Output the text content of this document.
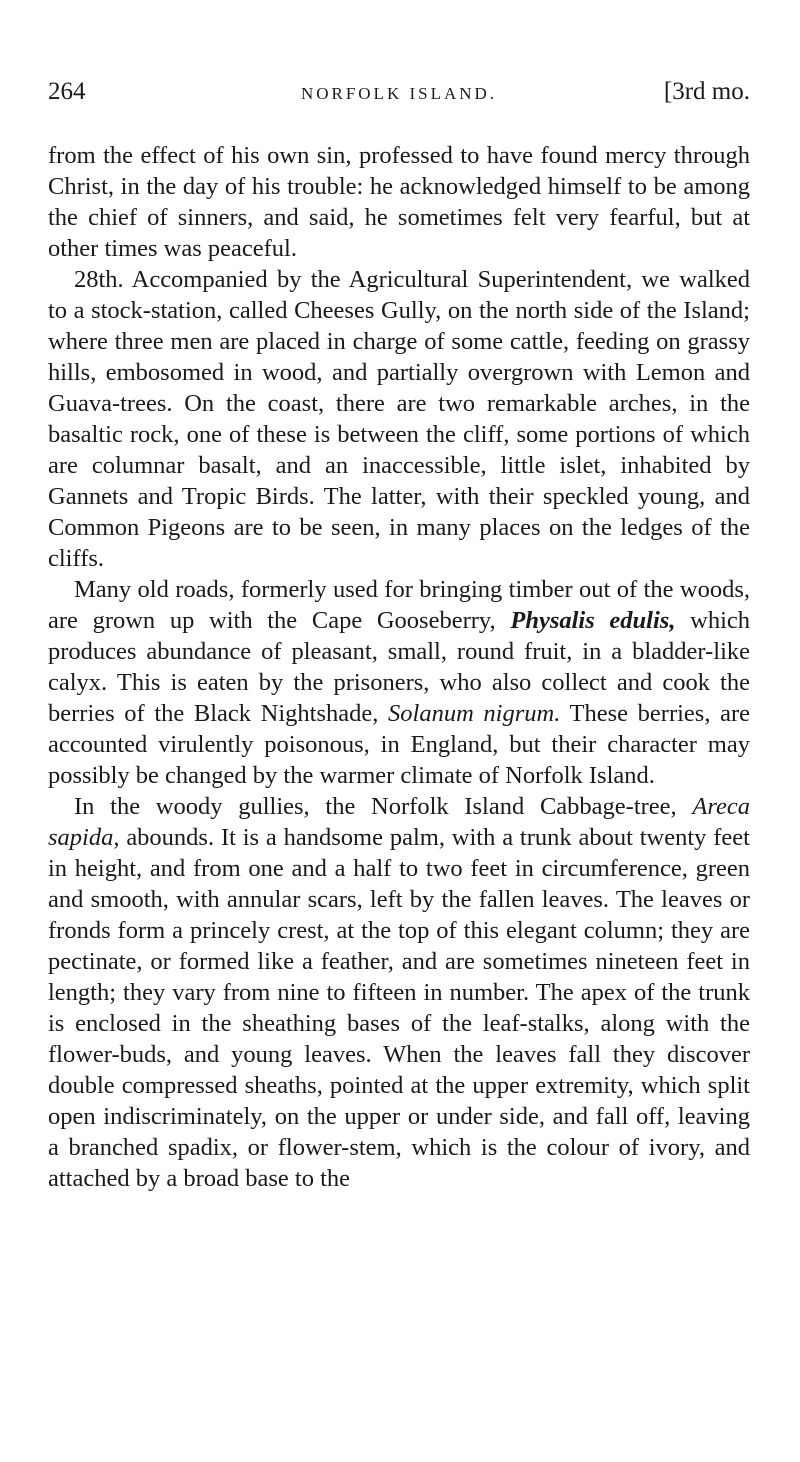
264	NORFOLK ISLAND.	[3rd mo.

from the effect of his own sin, professed to have found mercy through Christ, in the day of his trouble: he acknowledged himself to be among the chief of sinners, and said, he sometimes felt very fearful, but at other times was peaceful.

28th. Accompanied by the Agricultural Superintendent, we walked to a stock-station, called Cheeses Gully, on the north side of the Island; where three men are placed in charge of some cattle, feeding on grassy hills, embosomed in wood, and partially overgrown with Lemon and Guava-trees. On the coast, there are two remarkable arches, in the basaltic rock, one of these is between the cliff, some portions of which are columnar basalt, and an inaccessible, little islet, inhabited by Gannets and Tropic Birds. The latter, with their speckled young, and Common Pigeons are to be seen, in many places on the ledges of the cliffs.

Many old roads, formerly used for bringing timber out of the woods, are grown up with the Cape Gooseberry, Physalis edulis, which produces abundance of pleasant, small, round fruit, in a bladder-like calyx. This is eaten by the prisoners, who also collect and cook the berries of the Black Nightshade, Solanum nigrum. These berries, are accounted virulently poisonous, in England, but their character may possibly be changed by the warmer climate of Norfolk Island.

In the woody gullies, the Norfolk Island Cabbage-tree, Areca sapida, abounds. It is a handsome palm, with a trunk about twenty feet in height, and from one and a half to two feet in circumference, green and smooth, with annular scars, left by the fallen leaves. The leaves or fronds form a princely crest, at the top of this elegant column; they are pectinate, or formed like a feather, and are sometimes nineteen feet in length; they vary from nine to fifteen in number. The apex of the trunk is enclosed in the sheathing bases of the leaf-stalks, along with the flower-buds, and young leaves. When the leaves fall they discover double compressed sheaths, pointed at the upper extremity, which split open indiscriminately, on the upper or under side, and fall off, leaving a branched spadix, or flower-stem, which is the colour of ivory, and attached by a broad base to the
